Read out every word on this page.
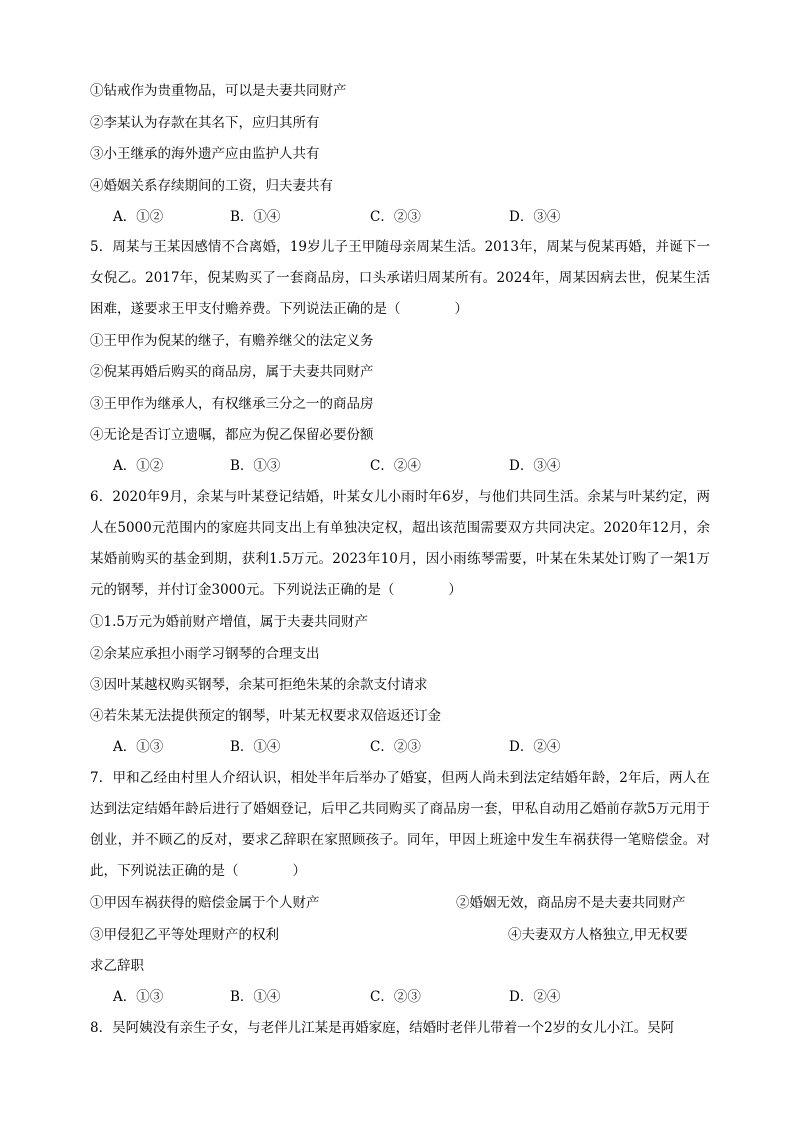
①钻戒作为贵重物品，可以是夫妻共同财产
②李某认为存款在其名下，应归其所有
③小王继承的海外遗产应由监护人共有
④婚姻关系存续期间的工资，归夫妻共有
A．①②	B．①④	C．②③	D．③④
5．周某与王某因感情不合离婚，19岁儿子王甲随母亲周某生活。2013年，周某与倪某再婚，并诞下一女倪乙。2017年，倪某购买了一套商品房，口头承诺归周某所有。2024年，周某因病去世，倪某生活困难，遂要求王甲支付赡养费。下列说法正确的是（　　　　）
①王甲作为倪某的继子，有赡养继父的法定义务
②倪某再婚后购买的商品房，属于夫妻共同财产
③王甲作为继承人，有权继承三分之一的商品房
④无论是否订立遗嘱，都应为倪乙保留必要份额
A．①②	B．①③	C．②④	D．③④
6．2020年9月，余某与叶某登记结婚，叶某女儿小雨时年6岁，与他们共同生活。余某与叶某约定，两人在5000元范围内的家庭共同支出上有单独决定权，超出该范围需要双方共同决定。2020年12月，余某婚前购买的基金到期，获利1.5万元。2023年10月，因小雨练琴需要，叶某在朱某处订购了一架1万元的钢琴，并付订金3000元。下列说法正确的是（　　　　）
①1.5万元为婚前财产增值，属于夫妻共同财产
②余某应承担小雨学习钢琴的合理支出
③因叶某越权购买钢琴，余某可拒绝朱某的余款支付请求
④若朱某无法提供预定的钢琴，叶某无权要求双倍返还订金
A．①③	B．①④	C．②③	D．②④
7．甲和乙经由村里人介绍认识，相处半年后举办了婚宴，但两人尚未到法定结婚年龄，2年后，两人在达到法定结婚年龄后进行了婚姻登记，后甲乙共同购买了商品房一套，甲私自动用乙婚前存款5万元用于创业，并不顾乙的反对，要求乙辞职在家照顾孩子。同年，甲因上班途中发生车祸获得一笔赔偿金。对此，下列说法正确的是（　　　　）
①甲因车祸获得的赔偿金属于个人财产	②婚姻无效，商品房不是夫妻共同财产
③甲侵犯乙平等处理财产的权利	④夫妻双方人格独立,甲无权要
求乙辞职
A．①③	B．①④	C．②③	D．②④
8．吴阿姨没有亲生子女，与老伴儿江某是再婚家庭，结婚时老伴儿带着一个2岁的女儿小江。吴阿
